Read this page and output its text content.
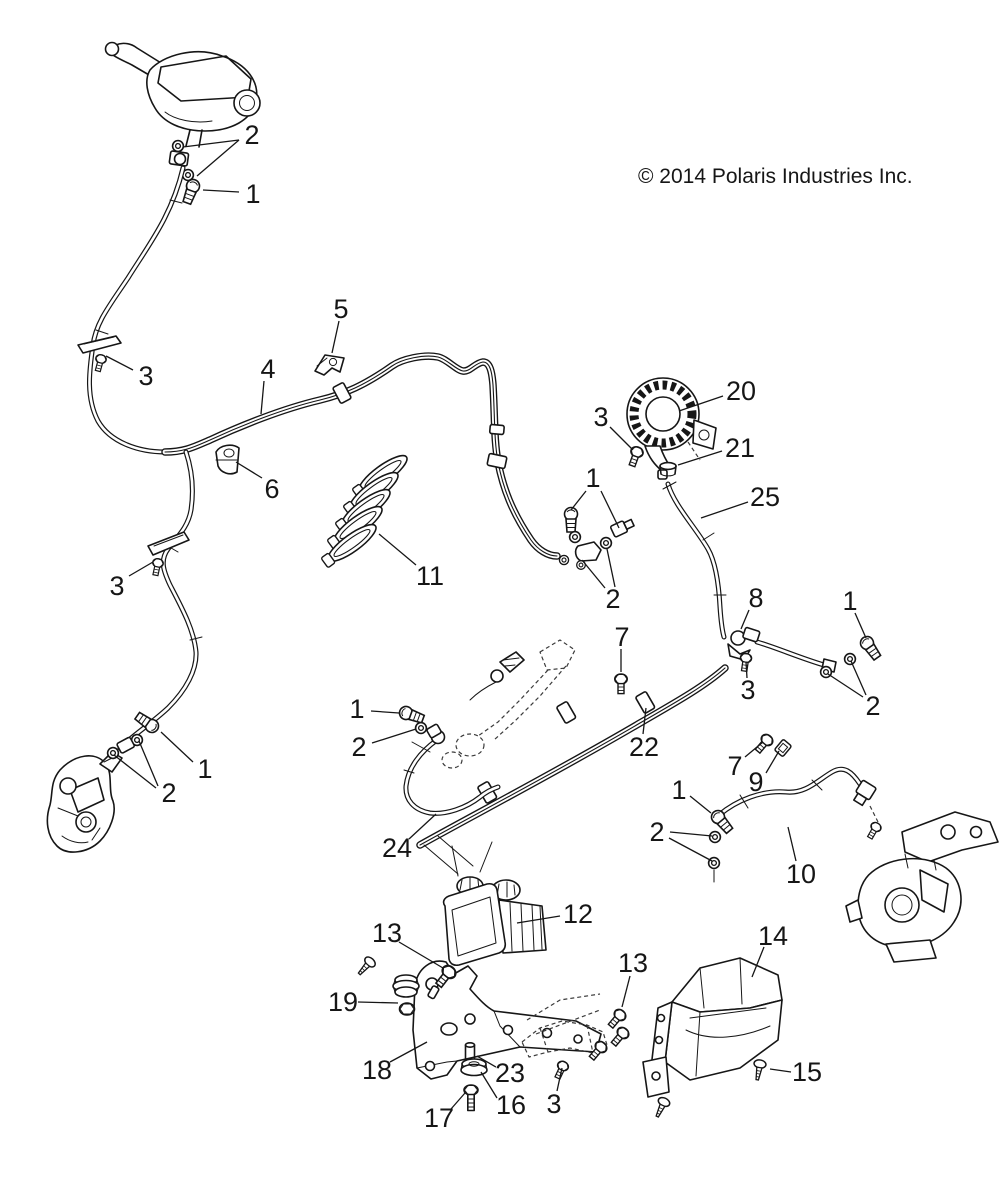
© 2014 Polaris Industries Inc.
2
1
5
4
3
6
3	11
1
2
3
20
21
25
8	1
7
3
2
22
1
2
24
7
9
1
2
10
1
2
12
13
19
18	23
16
17
13
3
14
15
